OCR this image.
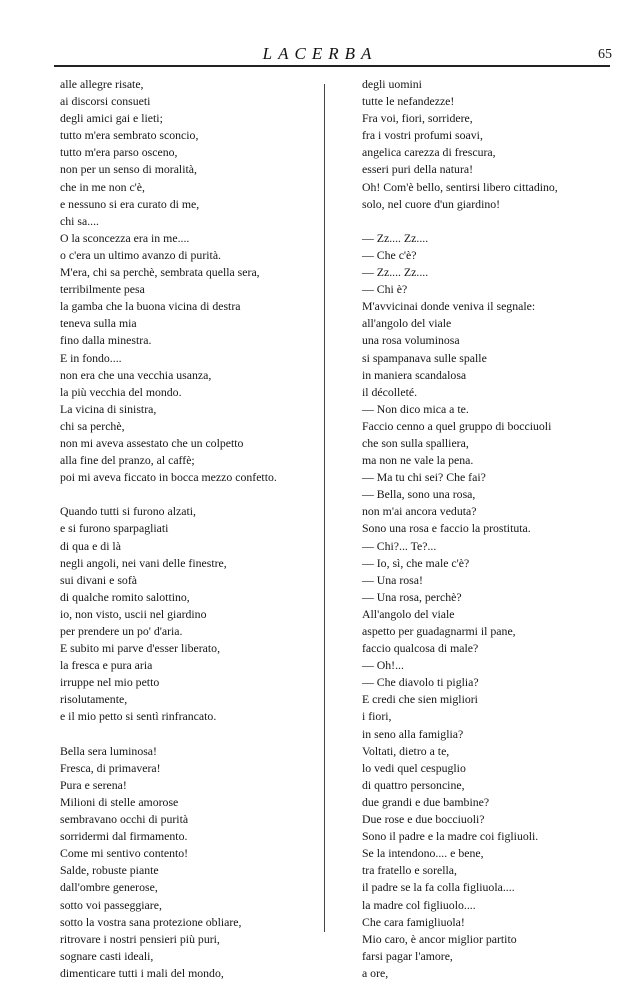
LACERBA	65
alle allegre risate,
ai discorsi consueti
degli amici gai e lieti;
tutto m'era sembrato sconcio,
tutto m'era parso osceno,
non per un senso di moralità,
che in me non c'è,
e nessuno si era curato di me,
chi sa....
O la sconcezza era in me....
o c'era un ultimo avanzo di purità.
M'era, chi sa perchè, sembrata quella sera,
terribilmente pesa
la gamba che la buona vicina di destra
teneva sulla mia
fino dalla minestra.
E in fondo....
non era che una vecchia usanza,
la più vecchia del mondo.
La vicina di sinistra,
chi sa perchè,
non mi aveva assestato che un colpetto
alla fine del pranzo, al caffè;
poi mi aveva ficcato in bocca mezzo confetto.
Quando tutti si furono alzati,
e si furono sparpagliati
di qua e di là
negli angoli, nei vani delle finestre,
sui divani e sofà
di qualche romito salottino,
io, non visto, uscii nel giardino
per prendere un po' d'aria.
E subito mi parve d'esser liberato,
la fresca e pura aria
irruppe nel mio petto
risolutamente,
e il mio petto si sentì rinfrancato.
Bella sera luminosa!
Fresca, di primavera!
Pura e serena!
Milioni di stelle amorose
sembravano occhi di purità
sorridermi dal firmamento.
Come mi sentivo contento!
Salde, robuste piante
dall'ombre generose,
sotto voi passeggiare,
sotto la vostra sana protezione obliare,
ritrovare i nostri pensieri più puri,
sognare casti ideali,
dimenticare tutti i mali del mondo,
degli uomini
tutte le nefandezze!
Fra voi, fiori, sorridere,
fra i vostri profumi soavi,
angelica carezza di frescura,
esseri puri della natura!
Oh! Com'è bello, sentirsi libero cittadino,
solo, nel cuore d'un giardino!
— Zz.... Zz....
— Che c'è?
— Zz.... Zz....
— Chi è?
M'avvicinai donde veniva il segnale:
all'angolo del viale
una rosa voluminosa
si spampanava sulle spalle
in maniera scandalosa
il décolleté.
— Non dico mica a te.
Faccio cenno a quel gruppo di bocciuoli
che son sulla spalliera,
ma non ne vale la pena.
— Ma tu chi sei? Che fai?
— Bella, sono una rosa,
non m'ai ancora veduta?
Sono una rosa e faccio la prostituta.
— Chi?... Te?...
— Io, sì, che male c'è?
— Una rosa!
— Una rosa, perchè?
All'angolo del viale
aspetto per guadagnarmi il pane,
faccio qualcosa di male?
— Oh!...
— Che diavolo ti piglia?
E credi che sien migliori
i fiori,
in seno alla famiglia?
Voltati, dietro a te,
lo vedi quel cespuglio
di quattro personcine,
due grandi e due bambine?
Due rose e due bocciuoli?
Sono il padre e la madre coi figliuoli.
Se la intendono.... e bene,
tra fratello e sorella,
il padre se la fa colla figliuola....
la madre col figliuolo....
Che cara famigliuola!
Mio caro, è ancor miglior partito
farsi pagar l'amore,
a ore,
